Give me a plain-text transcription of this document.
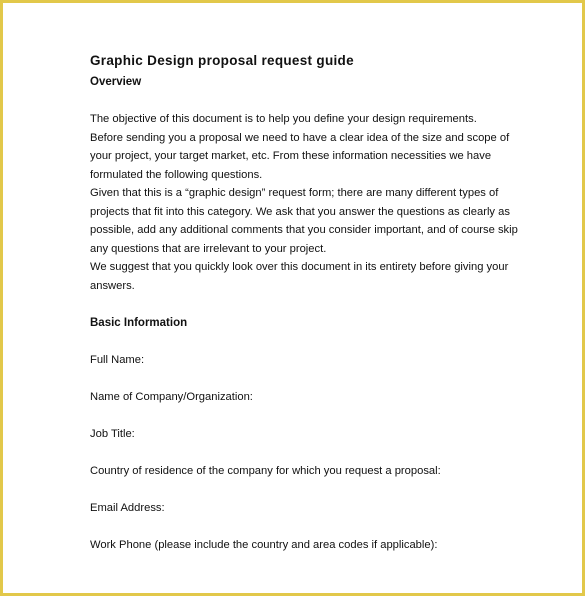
Graphic Design proposal request guide
Overview

The objective of this document is to help you define your design requirements.

Before sending you a proposal we need to have a clear idea of the size and scope of

your project, your target market, etc. From these information necessities we have

formulated the following questions.

Given that this is a “graphic design” request form; there are many different types of

projects that fit into this category. We ask that you answer the questions as clearly as

possible, add any additional comments that you consider important, and of course skip

any questions that are irrelevant to your project.

We suggest that you quickly look over this document in its entirety before giving your

answers.

Basic Information

Full Name:

Name of Company/Organization:

Job Title:

Country of residence of the company for which you request a proposal:

Email Address:

Work Phone (please include the country and area codes if applicable):
